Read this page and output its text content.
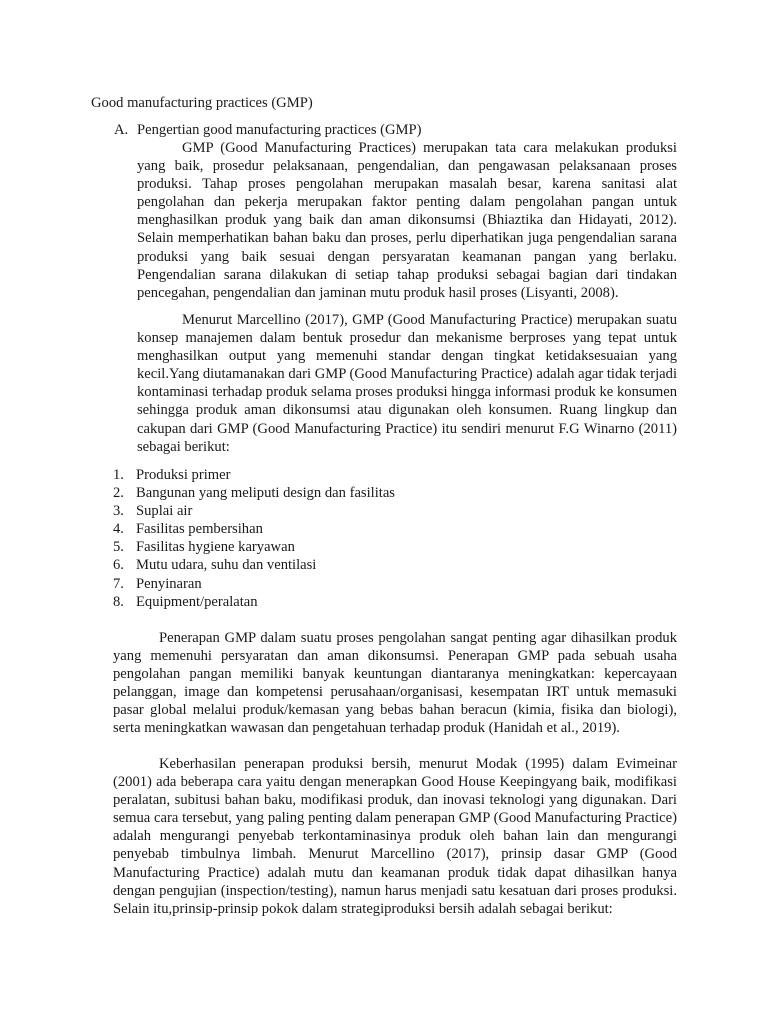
Good manufacturing practices (GMP)
A. Pengertian good manufacturing practices (GMP)

GMP (Good Manufacturing Practices) merupakan tata cara melakukan produksi yang baik, prosedur pelaksanaan, pengendalian, dan pengawasan pelaksanaan proses produksi. Tahap proses pengolahan merupakan masalah besar, karena sanitasi alat pengolahan dan pekerja merupakan faktor penting dalam pengolahan pangan untuk menghasilkan produk yang baik dan aman dikonsumsi (Bhiaztika dan Hidayati, 2012). Selain memperhatikan bahan baku dan proses, perlu diperhatikan juga pengendalian sarana produksi yang baik sesuai dengan persyaratan keamanan pangan yang berlaku. Pengendalian sarana dilakukan di setiap tahap produksi sebagai bagian dari tindakan pencegahan, pengendalian dan jaminan mutu produk hasil proses (Lisyanti, 2008).

Menurut Marcellino (2017), GMP (Good Manufacturing Practice) merupakan suatu konsep manajemen dalam bentuk prosedur dan mekanisme berproses yang tepat untuk menghasilkan output yang memenuhi standar dengan tingkat ketidaksesuaian yang kecil.Yang diutamanakan dari GMP (Good Manufacturing Practice) adalah agar tidak terjadi kontaminasi terhadap produk selama proses produksi hingga informasi produk ke konsumen sehingga produk aman dikonsumsi atau digunakan oleh konsumen. Ruang lingkup dan cakupan dari GMP (Good Manufacturing Practice) itu sendiri menurut F.G Winarno (2011) sebagai berikut:

1. Produksi primer
2. Bangunan yang meliputi design dan fasilitas
3. Suplai air
4. Fasilitas pembersihan
5. Fasilitas hygiene karyawan
6. Mutu udara, suhu dan ventilasi
7. Penyinaran
8. Equipment/peralatan

Penerapan GMP dalam suatu proses pengolahan sangat penting agar dihasilkan produk yang memenuhi persyaratan dan aman dikonsumsi. Penerapan GMP pada sebuah usaha pengolahan pangan memiliki banyak keuntungan diantaranya meningkatkan: kepercayaan pelanggan, image dan kompetensi perusahaan/organisasi, kesempatan IRT untuk memasuki pasar global melalui produk/kemasan yang bebas bahan beracun (kimia, fisika dan biologi), serta meningkatkan wawasan dan pengetahuan terhadap produk (Hanidah et al., 2019).

Keberhasilan penerapan produksi bersih, menurut Modak (1995) dalam Evimeinar (2001) ada beberapa cara yaitu dengan menerapkan Good House Keepingyang baik, modifikasi peralatan, subitusi bahan baku, modifikasi produk, dan inovasi teknologi yang digunakan. Dari semua cara tersebut, yang paling penting dalam penerapan GMP (Good Manufacturing Practice) adalah mengurangi penyebab terkontaminasinya produk oleh bahan lain dan mengurangi penyebab timbulnya limbah. Menurut Marcellino (2017), prinsip dasar GMP (Good Manufacturing Practice) adalah mutu dan keamanan produk tidak dapat dihasilkan hanya dengan pengujian (inspection/testing), namun harus menjadi satu kesatuan dari proses produksi. Selain itu,prinsip-prinsip pokok dalam strategiproduksi bersih adalah sebagai berikut:
